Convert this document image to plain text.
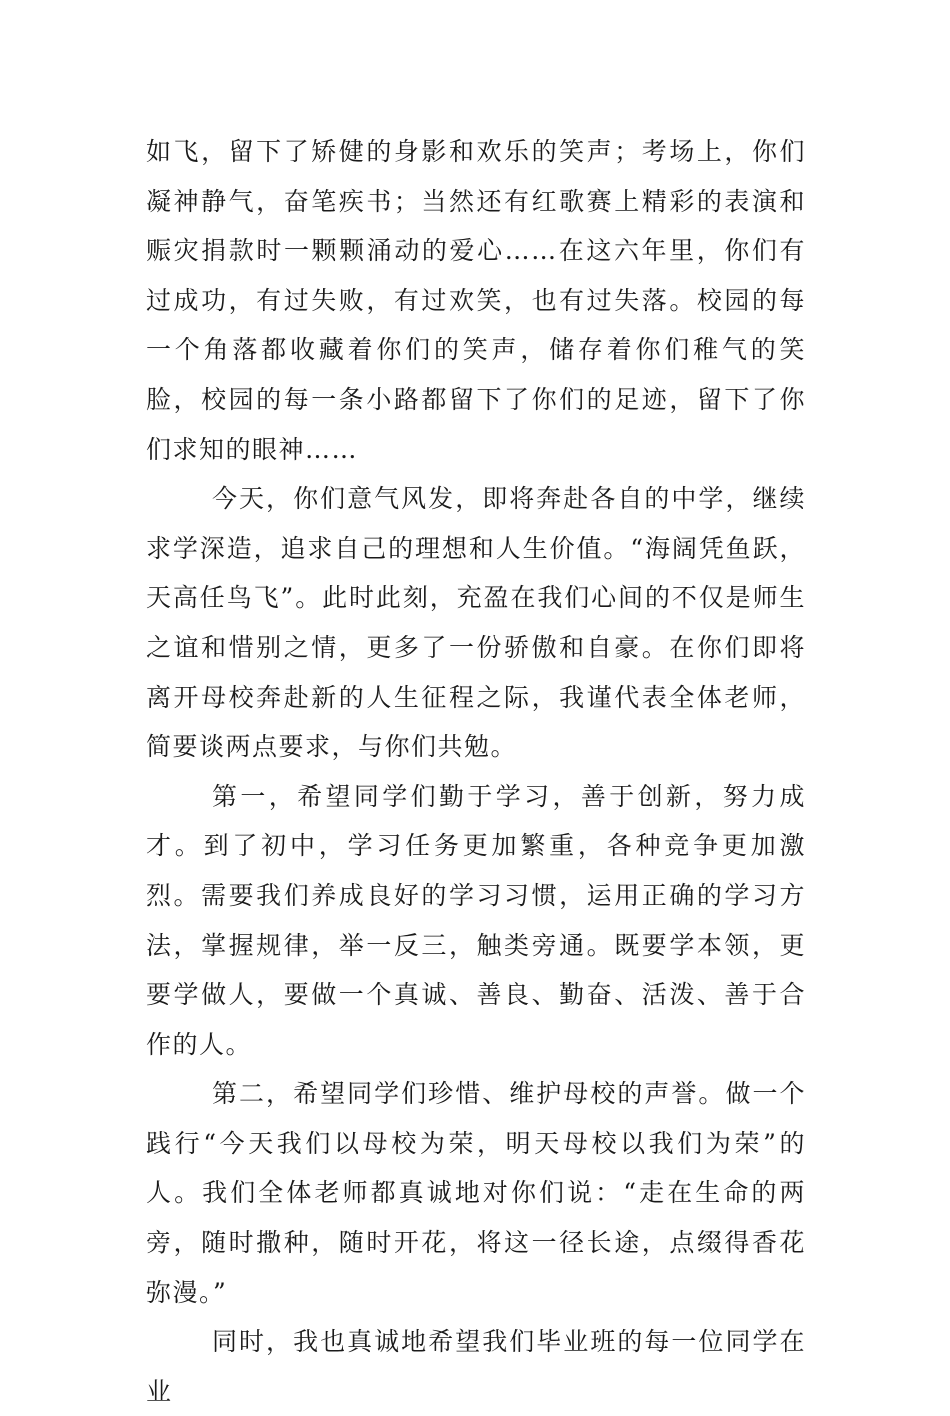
如飞，留下了矫健的身影和欢乐的笑声；考场上，你们凝神静气，奋笔疾书；当然还有红歌赛上精彩的表演和赈灾捐款时一颗颗涌动的爱心……在这六年里，你们有过成功，有过失败，有过欢笑，也有过失落。校园的每一个角落都收藏着你们的笑声，储存着你们稚气的笑脸，校园的每一条小路都留下了你们的足迹，留下了你们求知的眼神……

今天，你们意气风发，即将奔赴各自的中学，继续求学深造，追求自己的理想和人生价值。“海阔凭鱼跃，天高任鸟飞”。此时此刻，充盈在我们心间的不仅是师生之谊和惜别之情，更多了一份骄傲和自豪。在你们即将离开母校奔赴新的人生征程之际，我谨代表全体老师，简要谈两点要求，与你们共勉。

第一，希望同学们勤于学习，善于创新，努力成才。到了初中，学习任务更加繁重，各种竞争更加激烈。需要我们养成良好的学习习惯，运用正确的学习方法，掌握规律，举一反三，触类旁通。既要学本领，更要学做人，要做一个真诚、善良、勤奋、活泼、善于合作的人。

第二，希望同学们珍惜、维护母校的声誉。做一个践行“今天我们以母校为荣，明天母校以我们为荣”的人。我们全体老师都真诚地对你们说：“走在生命的两旁，随时撒种，随时开花，将这一径长途，点缀得香花弥漫。”

同时，我也真诚地希望我们毕业班的每一位同学在业
